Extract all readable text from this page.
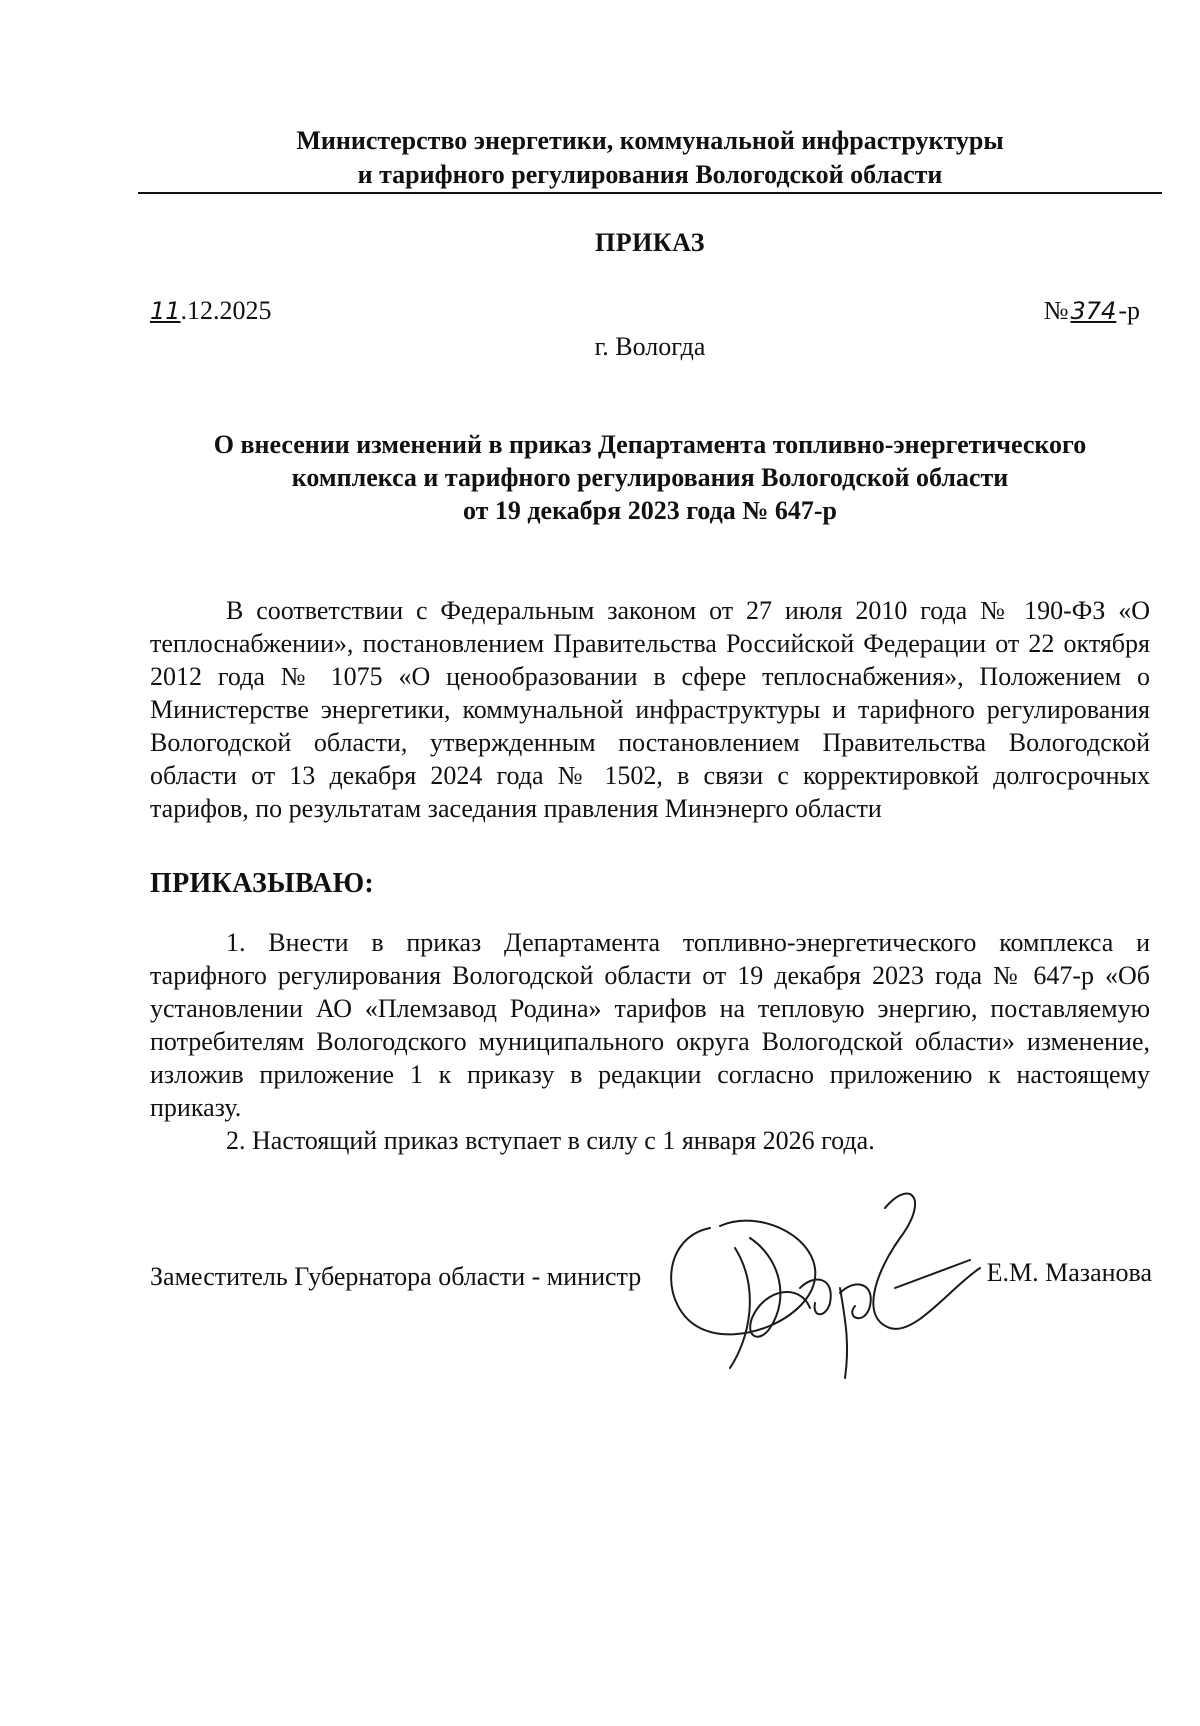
Министерство энергетики, коммунальной инфраструктуры
и тарифного регулирования Вологодской области
ПРИКАЗ
11.12.2025	№374-р
г. Вологда
О внесении изменений в приказ Департамента топливно-энергетического
комплекса и тарифного регулирования Вологодской области
от 19 декабря 2023 года № 647-р

В соответствии с Федеральным законом от 27 июля 2010 года № 190-ФЗ «О теплоснабжении», постановлением Правительства Российской Федерации от 22 октября 2012 года № 1075 «О ценообразовании в сфере теплоснабжения», Положением о Министерстве энергетики, коммунальной инфраструктуры и тарифного регулирования Вологодской области, утвержденным постановлением Правительства Вологодской области от 13 декабря 2024 года № 1502, в связи с корректировкой долгосрочных тарифов, по результатам заседания правления Минэнерго области

ПРИКАЗЫВАЮ:

1. Внести в приказ Департамента топливно-энергетического комплекса и тарифного регулирования Вологодской области от 19 декабря 2023 года № 647-р «Об установлении АО «Племзавод Родина» тарифов на тепловую энергию, поставляемую потребителям Вологодского муниципального округа Вологодской области» изменение, изложив приложение 1 к приказу в редакции согласно приложению к настоящему приказу.

2. Настоящий приказ вступает в силу с 1 января 2026 года.
Заместитель Губернатора области - министр	Е.М. Мазанова
